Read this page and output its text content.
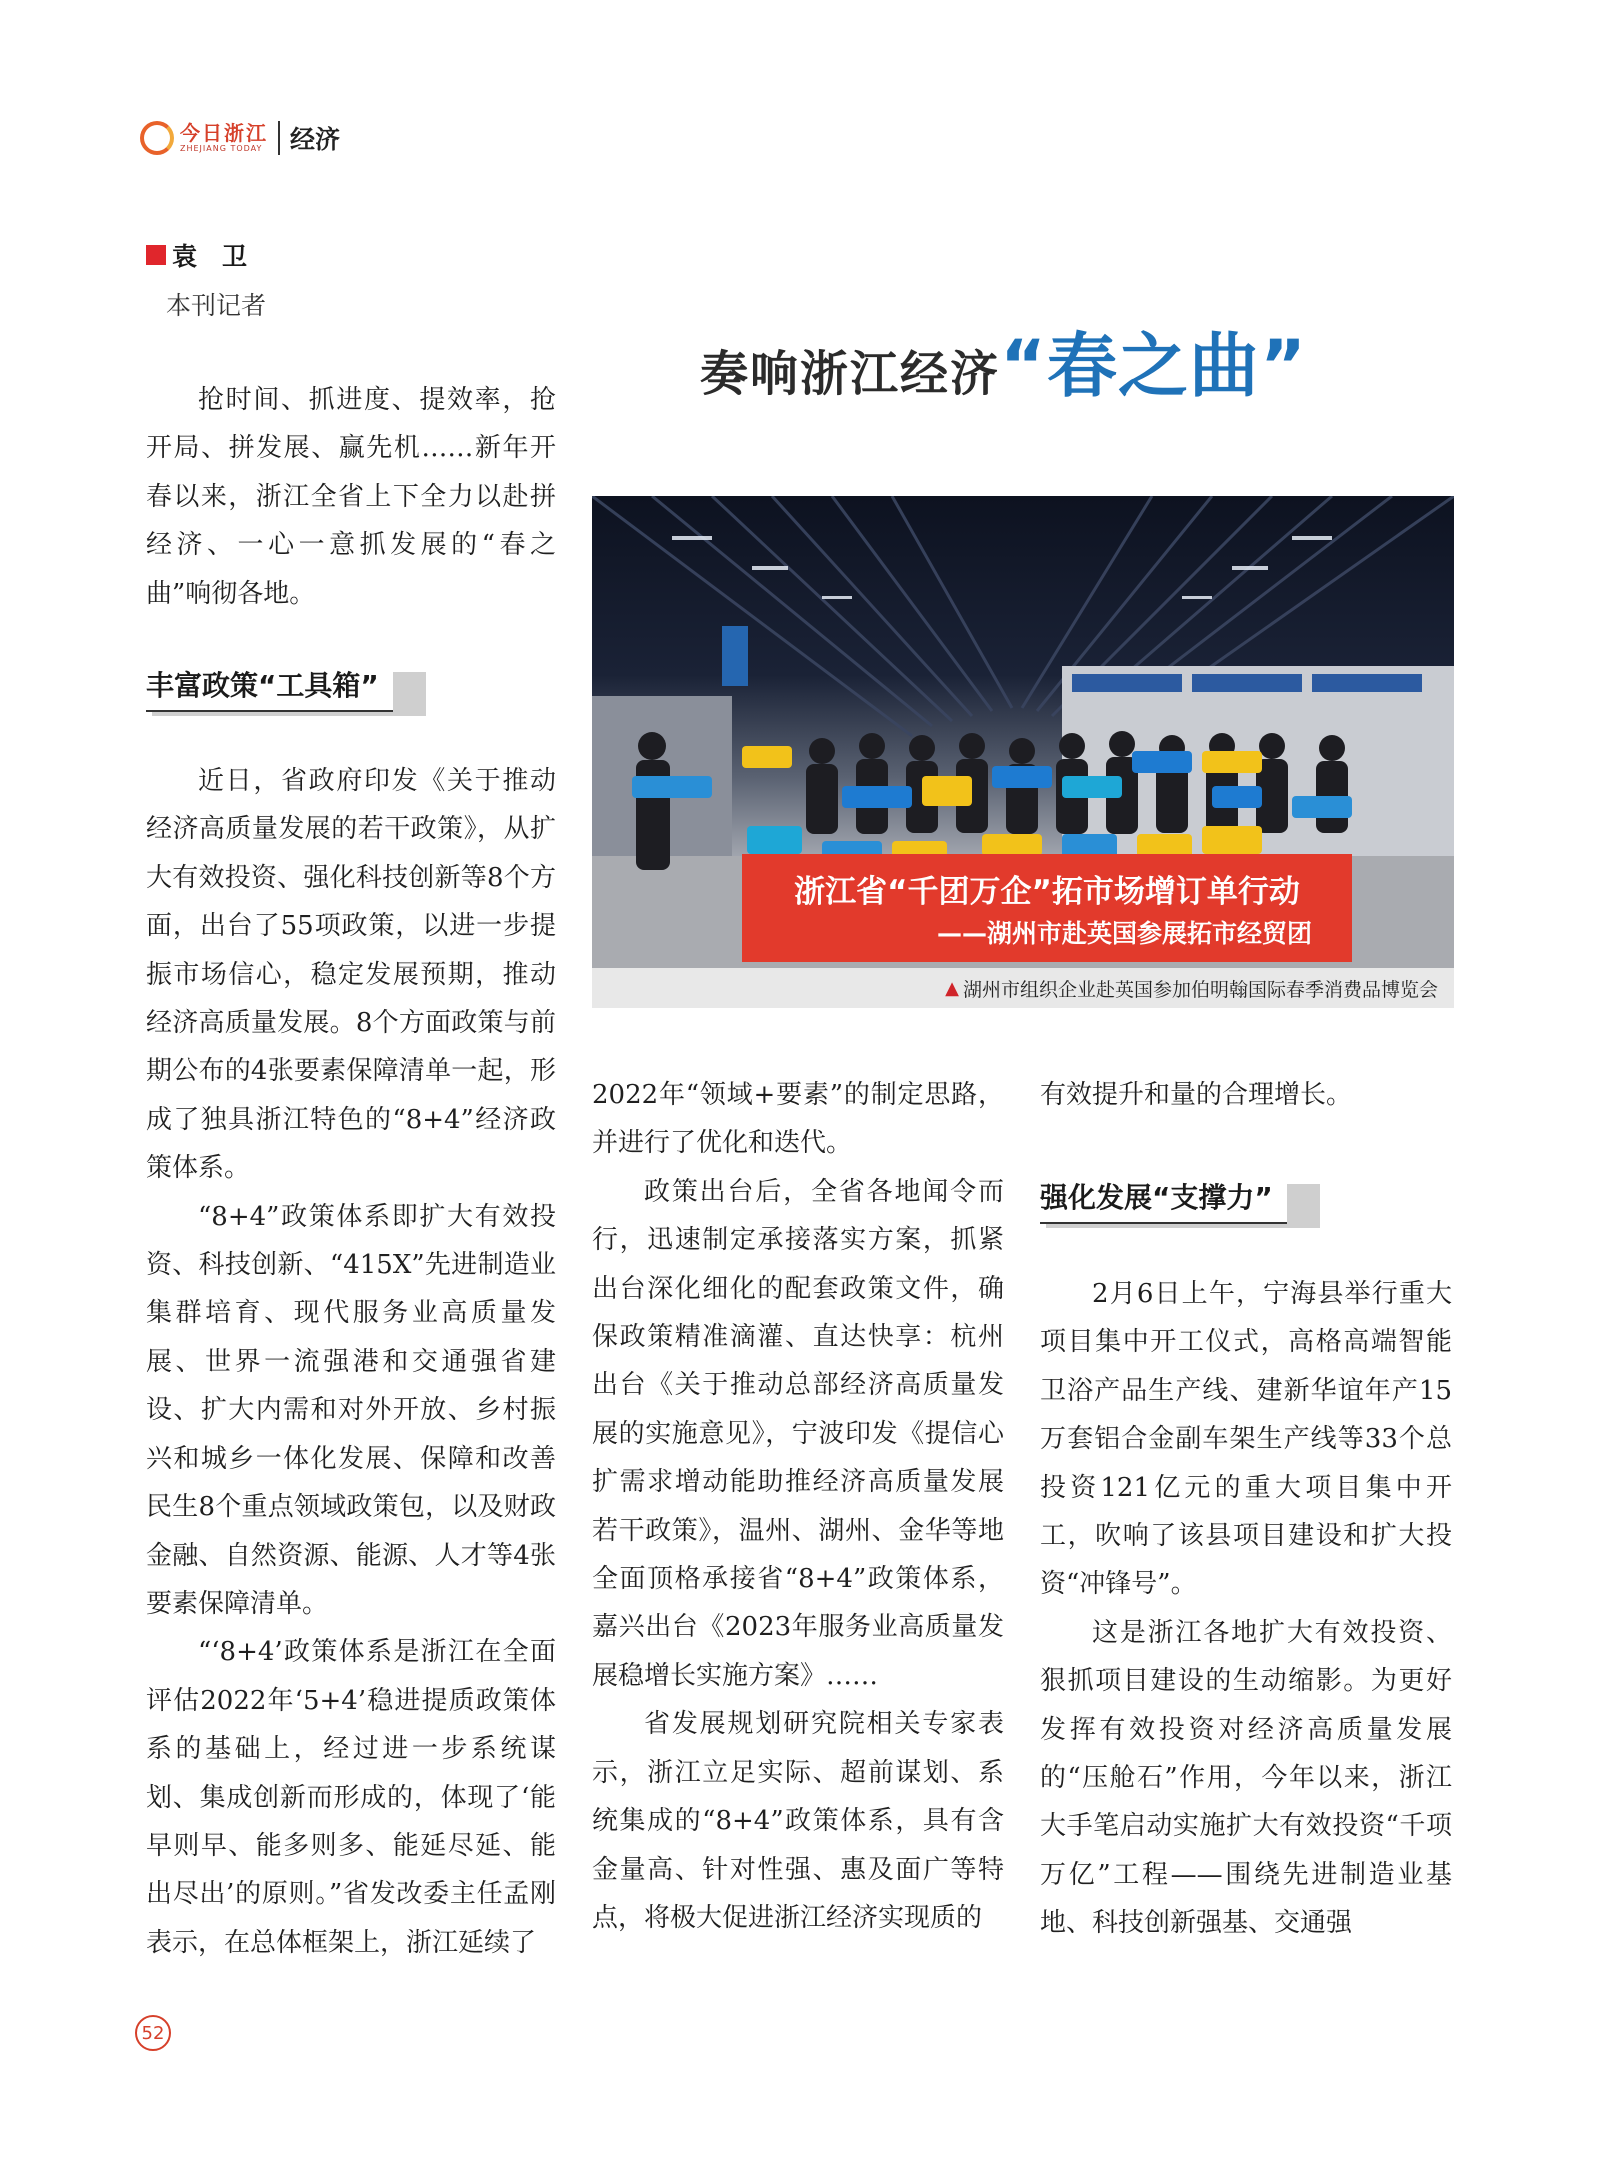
今日浙江
ZHEJIANG TODAY 经济
袁　卫
本刊记者
奏响浙江经济 “春之曲”

抢时间、抓进度、提效率，抢开局、拼发展、赢先机……新年开春以来，浙江全省上下全力以赴拼经济、一心一意抓发展的“春之曲”响彻各地。

丰富政策“工具箱”

近日，省政府印发《关于推动经济高质量发展的若干政策》，从扩大有效投资、强化科技创新等8个方面，出台了55项政策，以进一步提振市场信心，稳定发展预期，推动经济高质量发展。8个方面政策与前期公布的4张要素保障清单一起，形成了独具浙江特色的“8+4”经济政策体系。

“8+4”政策体系即扩大有效投资、科技创新、“415X”先进制造业集群培育、现代服务业高质量发展、世界一流强港和交通强省建设、扩大内需和对外开放、乡村振兴和城乡一体化发展、保障和改善民生8个重点领域政策包，以及财政金融、自然资源、能源、人才等4张要素保障清单。

“‘8+4’政策体系是浙江在全面评估2022年‘5+4’稳进提质政策体系的基础上，经过进一步系统谋划、集成创新而形成的，体现了‘能早则早、能多则多、能延尽延、能出尽出’的原则。”省发改委主任孟刚表示，在总体框架上，浙江延续了

浙江省“千团万企”拓市场增订单行动
——湖州市赴英国参展拓市经贸团
▲ 湖州市组织企业赴英国参加伯明翰国际春季消费品博览会

2022年“领域+要素”的制定思路，并进行了优化和迭代。

政策出台后，全省各地闻令而行，迅速制定承接落实方案，抓紧出台深化细化的配套政策文件，确保政策精准滴灌、直达快享：杭州出台《关于推动总部经济高质量发展的实施意见》，宁波印发《提信心扩需求增动能助推经济高质量发展若干政策》，温州、湖州、金华等地全面顶格承接省“8+4”政策体系，嘉兴出台《2023年服务业高质量发展稳增长实施方案》……

省发展规划研究院相关专家表示，浙江立足实际、超前谋划、系统集成的“8+4”政策体系，具有含金量高、针对性强、惠及面广等特点，将极大促进浙江经济实现质的

有效提升和量的合理增长。

强化发展“支撑力”

2月6日上午，宁海县举行重大项目集中开工仪式，高格高端智能卫浴产品生产线、建新华谊年产15万套铝合金副车架生产线等33个总投资121亿元的重大项目集中开工，吹响了该县项目建设和扩大投资“冲锋号”。

这是浙江各地扩大有效投资、狠抓项目建设的生动缩影。为更好发挥有效投资对经济高质量发展的“压舱石”作用，今年以来，浙江大手笔启动实施扩大有效投资“千项万亿”工程——围绕先进制造业基地、科技创新强基、交通强

52
